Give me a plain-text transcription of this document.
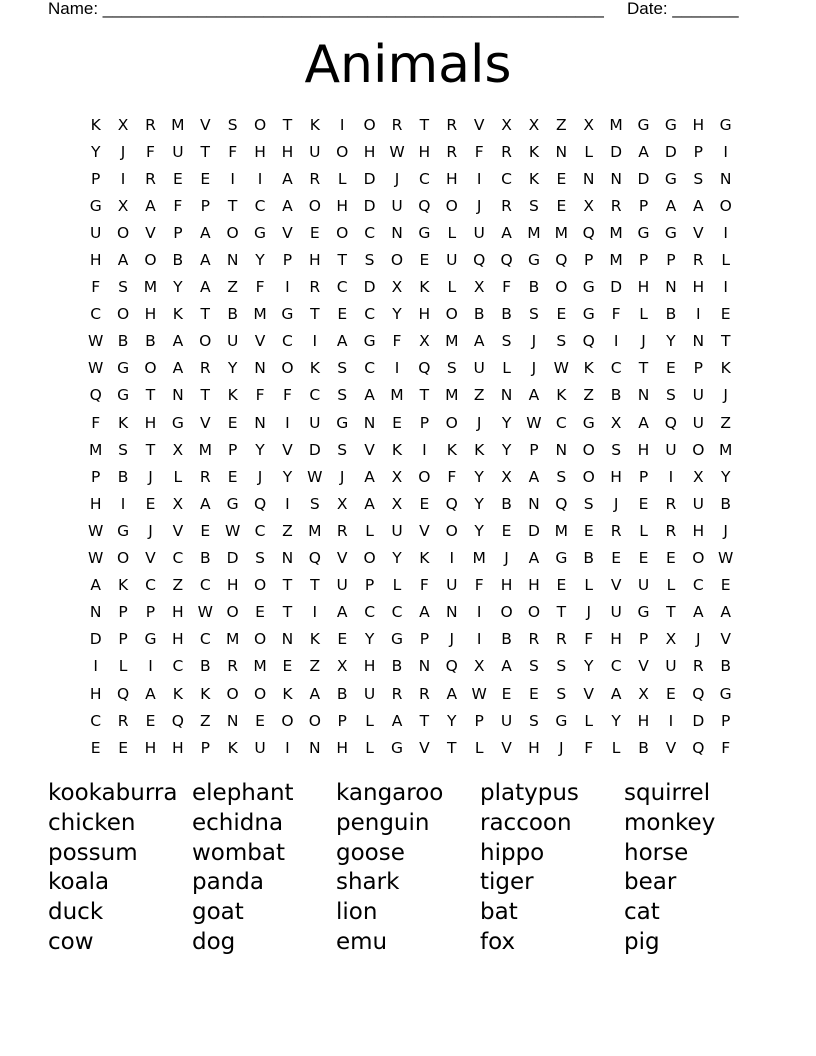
Name: _____________________________________________________ Date: _______
Animals
K	X	R M V	S	O	T	K	I	O	R	T	R	V	X	X	Z	X M G G	H	G
Y	J	F	U	T	F	H	H	U	O H W H	R	F	R	K	N	L	D	A	D	P	I
P	I	R	E	E	I	I	A	R	L	D	J	C	H	I	C	K	E	N	N	D G	S	N
G	X	A	F	P	T	C	A	O H	D	U	Q O	J	R	S	E	X	R	P	A	A	O
U	O	V	P	A	O G	V	E	O	C	N	G	L	U	A M M Q M G G	V	I
H	A	O	B	A	N	Y	P	H	T	S	O	E	U	Q Q G Q	P	M	P	P	R	L
F	S	M	Y	A	Z	F	I	R	C	D	X	K	L	X	F	B	O G D	H	N	H	I
C	O H	K	T	B M G	T	E	C	Y	H O	B	B	S	E	G	F	L	B	I	E
W B	B	A	O	U	V	C	I	A	G	F	X M A	S	J	S	Q	I	J	Y	N	T
W G O	A	R	Y	N O	K	S	C	I	Q	S	U	L	J	W K	C	T	E	P	K
Q G	T	N	T	K	F	F	C	S	A M	T	M Z	N	A	K	Z	B	N	S	U	J
F	K	H	G	V	E	N	I	U	G	N	E	P	O	J	Y W C	G	X	A	Q	U	Z
M	S	T	X M	P	Y	V	D	S	V	K	I	K	K	Y	P	N O	S	H	U	O M
P	B	J	L	R	E	J	Y W	J	A	X	O	F	Y	X	A	S	O H	P	I	X	Y
H	I	E	X	A	G Q	I	S	X	A	X	E	Q	Y	B	N Q	S	J	E	R	U	B
W G	J	V	E W C	Z M R	L	U	V	O	Y	E	D M	E	R	L	R	H	J
W O	V	C	B	D	S	N Q	V	O	Y	K	I	M	J	A	G	B	E	E	E	O W
A	K	C	Z	C	H O	T	T	U	P	L	F	U	F	H	H	E	L	V	U	L	C	E
N	P	P	H W O	E	T	I	A	C	C	A	N	I	O O	T	J	U	G	T	A	A
D	P	G	H	C M O N	K	E	Y	G	P	J	I	B	R	R	F	H	P	X	J	V
I	L	I	C	B	R M	E	Z	X	H	B	N Q	X	A	S	S	Y	C	V	U	R	B
H Q	A	K	K	O O	K	A	B	U	R	R	A W E	E	S	V	A	X	E	Q G
C	R	E	Q	Z	N	E	O O	P	L	A	T	Y	P	U	S	G	L	Y	H	I	D	P
E	E	H	H	P	K	U	I	N	H	L	G	V	T	L	V	H	J	F	L	B	V	Q	F
kookaburra elephant	kangaroo	platypus	squirrel
chicken	echidna	penguin	raccoon	monkey
possum	wombat	goose	hippo	horse
koala	panda	shark	tiger	bear
duck	goat	lion	bat	cat
cow	dog	emu	fox	pig
